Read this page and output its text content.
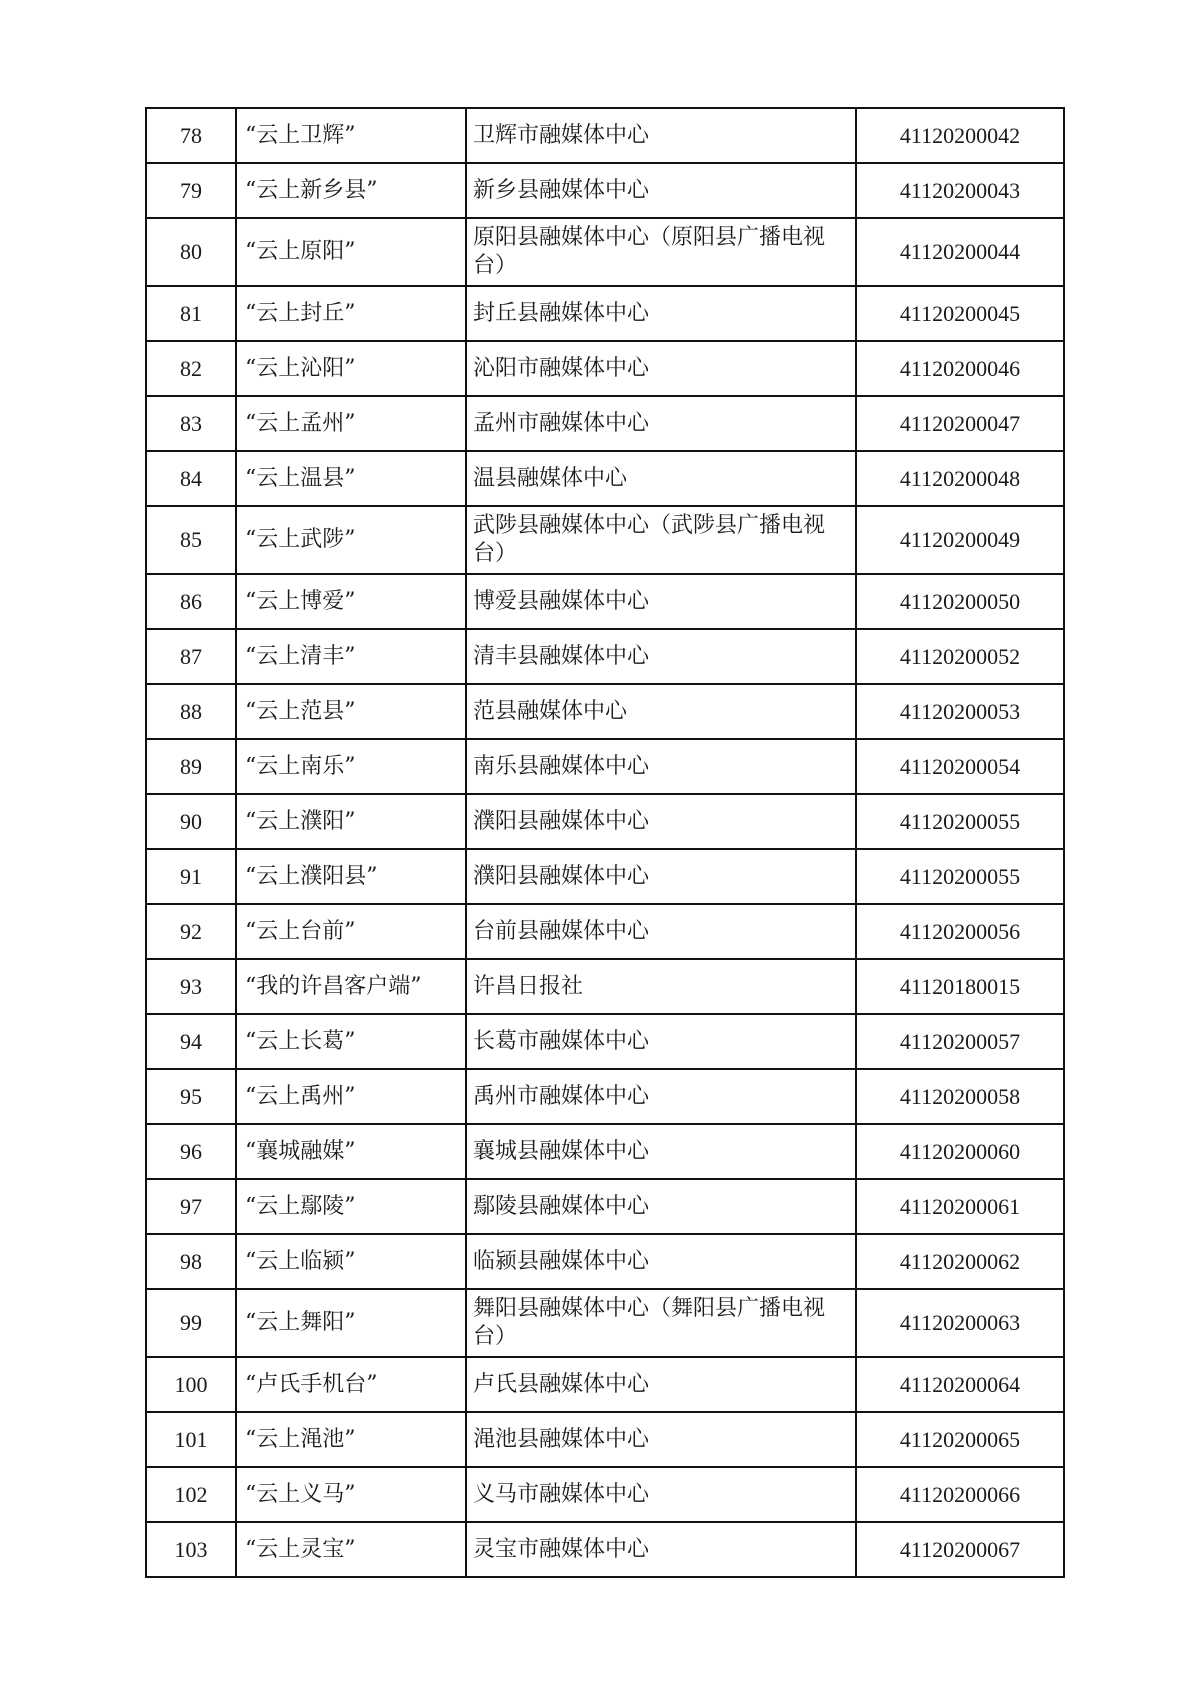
78	“云上卫辉”	卫辉市融媒体中心	41120200042
79	“云上新乡县”	新乡县融媒体中心	41120200043
80	“云上原阳”	原阳县融媒体中心（原阳县广播电视台）	41120200044
81	“云上封丘”	封丘县融媒体中心	41120200045
82	“云上沁阳”	沁阳市融媒体中心	41120200046
83	“云上孟州”	孟州市融媒体中心	41120200047
84	“云上温县”	温县融媒体中心	41120200048
85	“云上武陟”	武陟县融媒体中心（武陟县广播电视台）	41120200049
86	“云上博爱”	博爱县融媒体中心	41120200050
87	“云上清丰”	清丰县融媒体中心	41120200052
88	“云上范县”	范县融媒体中心	41120200053
89	“云上南乐”	南乐县融媒体中心	41120200054
90	“云上濮阳”	濮阳县融媒体中心	41120200055
91	“云上濮阳县”	濮阳县融媒体中心	41120200055
92	“云上台前”	台前县融媒体中心	41120200056
93	“我的许昌客户端”	许昌日报社	41120180015
94	“云上长葛”	长葛市融媒体中心	41120200057
95	“云上禹州”	禹州市融媒体中心	41120200058
96	“襄城融媒”	襄城县融媒体中心	41120200060
97	“云上鄢陵”	鄢陵县融媒体中心	41120200061
98	“云上临颍”	临颍县融媒体中心	41120200062
99	“云上舞阳”	舞阳县融媒体中心（舞阳县广播电视台）	41120200063
100	“卢氏手机台”	卢氏县融媒体中心	41120200064
101	“云上渑池”	渑池县融媒体中心	41120200065
102	“云上义马”	义马市融媒体中心	41120200066
103	“云上灵宝”	灵宝市融媒体中心	41120200067
